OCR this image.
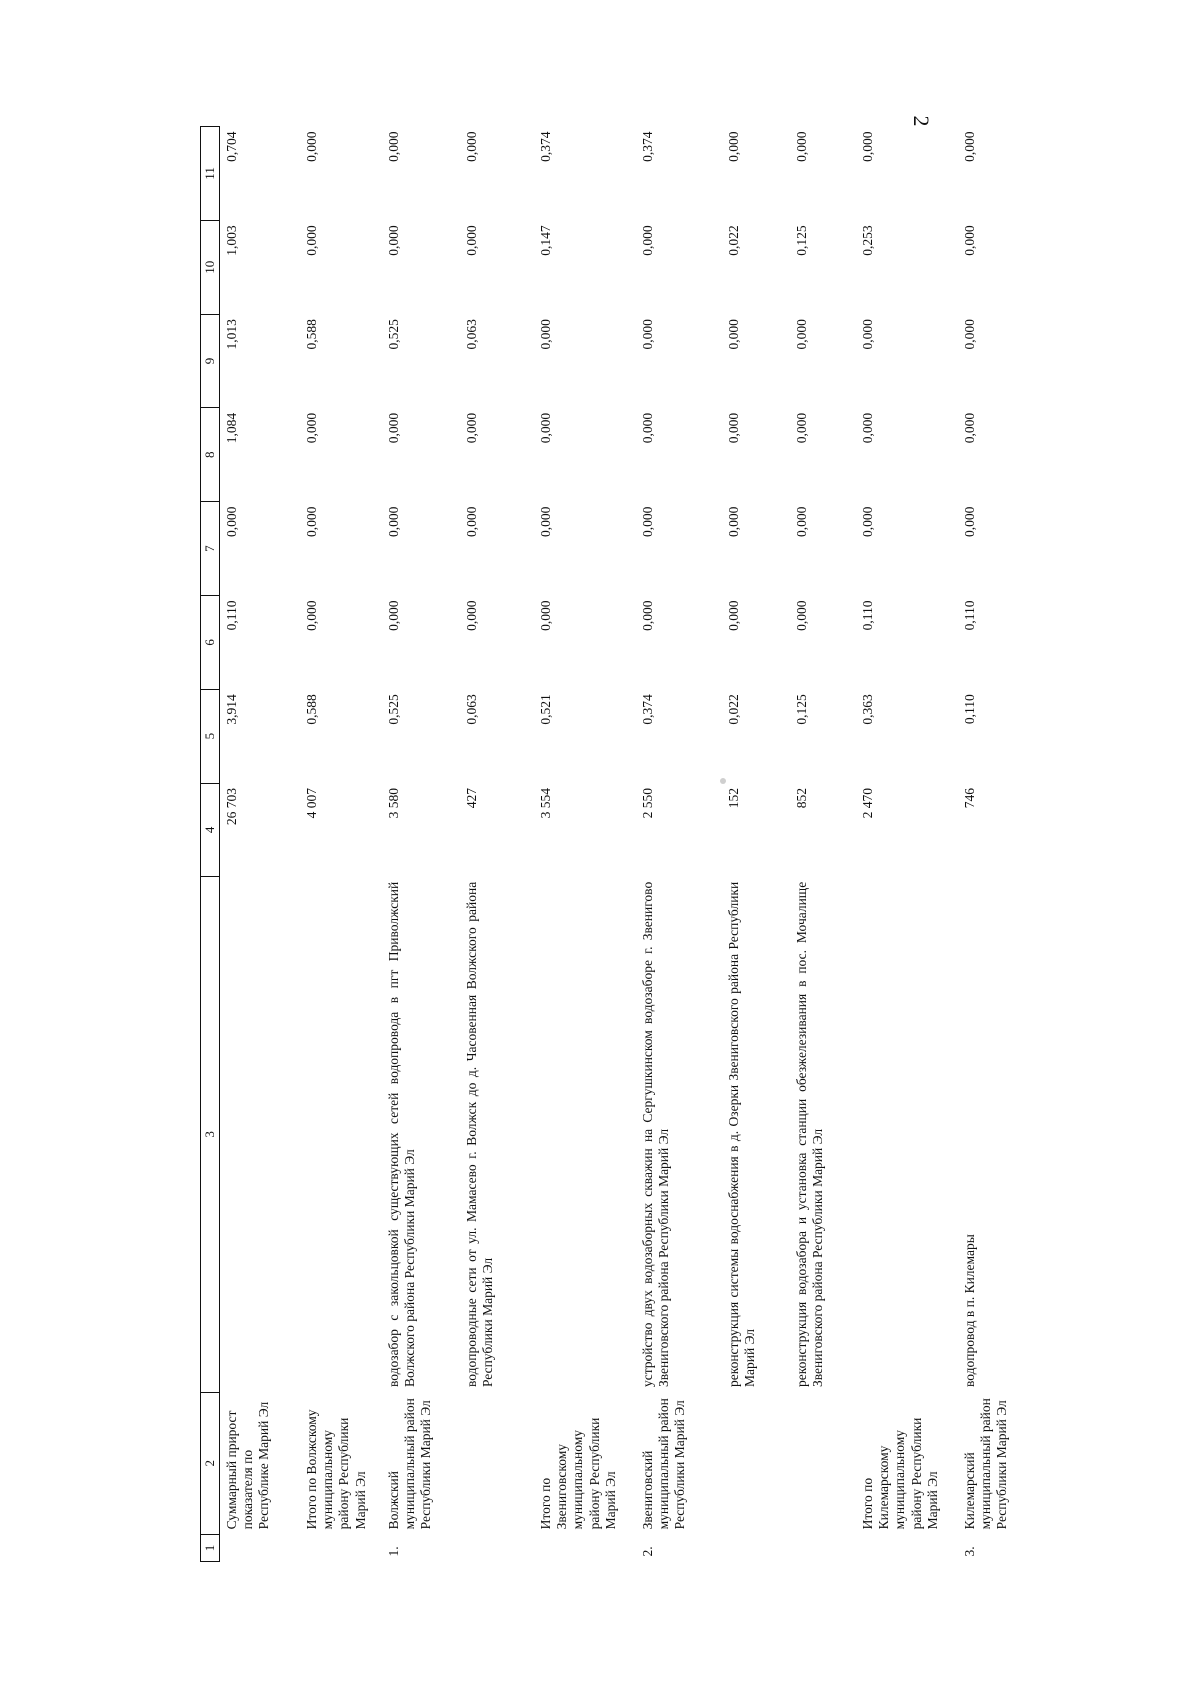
2
1	2	3	4	5	6	7	8	9	10	11
	Суммарный прирост показателя по Республике Марий Эл		26 703	3,914	0,110	0,000	1,084	1,013	1,003	0,704
	Итого по Волжскому муниципальному району Республики Марий Эл		4 007	0,588	0,000	0,000	0,000	0,588	0,000	0,000
1.	Волжский муниципальный район Республики Марий Эл	водозабор с закольцовкой существующих сетей водопровода в пгт Приволжский Волжского района Республики Марий Эл	3 580	0,525	0,000	0,000	0,000	0,525	0,000	0,000
		водопроводные сети от ул. Мамасево г. Волжск до д. Часовенная Волжского района Республики Марий Эл	427	0,063	0,000	0,000	0,000	0,063	0,000	0,000
	Итого по Звениговскому муниципальному району Республики Марий Эл		3 554	0,521	0,000	0,000	0,000	0,000	0,147	0,374
2.	Звениговский муниципальный район Республики Марий Эл	устройство двух водозаборных скважин на Сергушкинском водозаборе г. Звенигово Звениговского района Республики Марий Эл	2 550	0,374	0,000	0,000	0,000	0,000	0,000	0,374
		реконструкция системы водоснабжения в д. Озерки Звениговского района Республики Марий Эл	152	0,022	0,000	0,000	0,000	0,000	0,022	0,000
		реконструкция водозабора и установка станции обезжелезивания в пос. Мочалище Звениговского района Республики Марий Эл	852	0,125	0,000	0,000	0,000	0,000	0,125	0,000
	Итого по Килемарскому муниципальному району Республики Марий Эл		2 470	0,363	0,110	0,000	0,000	0,000	0,253	0,000
3.	Килемарский муниципальный район Республики Марий Эл	водопровод в п. Килемары	746	0,110	0,110	0,000	0,000	0,000	0,000	0,000
